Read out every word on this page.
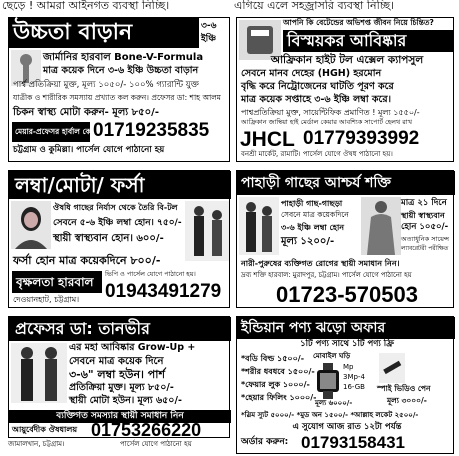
ছেড়ে ! আমরা আইনগত ব্যবস্থা নিচ্ছি।	এগিয়ে এলে সহজ্রাসরি ব্যবস্থা নিচ্ছি।
উচ্চতা বাড়ান	৩-৬ ইঞ্চি
জার্মানির হারবাল Bone-V-Formula
মাত্র কয়েক দিনে ৩-৬ ইঞ্চি উচ্চতা বাড়ান
পার্শ্ব প্রতিক্রিয়া মুক্ত, মূল্য ১০৫০/- ১০০% গ্যারান্টি যুক্ত
যাত্রীক ও শারীরিক সমস্যায় প্রখ্যাত কল করুন। প্রফেসর ডা: শাহ আলম
চিকন স্বাস্থ্য মোটা করুন- মূল্য ৮৫০/-
মেয়ার-প্রফেসর হার্বাল কেয়ার
01719235835
চট্টগ্রাম ও কুমিল্লা। পার্সেল যোগে পাঠানো হয়
আপনি কি বেটেন্ডের অভিশপ্ত জীবন নিয়ে চিন্তিত?
বিস্ময়কর আবিষ্কার
আফ্রিকান হাইট টল এক্সেল ক্যাপসুল
সেবনে মানব দেহের (HGH) হরমোন
বৃদ্ধি করে নিট্রোজেনের ঘাটতি পূরণ করে
মাত্র কয়েক সপ্তাহে ৩-৬ ইঞ্চি লম্বা করে।
পাশ্বপ্রতিক্রিয়া মুক্ত, সায়েন্টিফিক প্রমাণিত ! মূল্য ১৫৫০/-
আফ্রিকান জাম্বিয়া হাই মের্ডাল কেয়ার আবশ্যিক সাপোর্ট হেলথ রাখ
JHCL 01779393992
বনশ্রী মার্কেট, রামাটি। পার্সেল যোগে ঔষধ পাঠানো হয়।
লম্বা/মোটা/ ফর্সা
ঔষধি গাছের নির্যাস থেকে তৈরি বি-টল
সেবনে ৫-৬ ইঞ্চি লম্বা হোন। ৭৫০/-
স্থায়ী স্বাস্থ্যবান হোন। ৬০০/-
ফর্সা হোন মাত্র কয়েকদিনে ৮০০/-
বৃক্ষলতা হারবাল
ভিপি ও পার্সেল যোগে পাঠানো হয়।
01943491279
দেওয়ানহাট, চট্টগ্রাম।
পাহাড়ী গাছের আশ্চর্য শক্তি
পাহাড়ী গাছ-গাছড়া
সেবনে মাত্র কয়েকদিনে
৩-৬ ইঞ্চি লম্বা হোন
মূল্য ১২০০/-
মাত্র ২১ দিনে
স্থায়ী স্বাস্থ্যবান
হোন ১০৫০/-
অত্যাধুনিক সায়েন্স
ল্যাবরেটরী পরীক্ষিত
নারী-পুরুষের ব্যক্তিগত রোগের স্থায়ী সমাধান নিন।
দ্রব্য শক্তি হারবাল: মুরাদপুর, চট্টগ্রাম। পার্সেল যোগে পাঠানো হয়
01723-570503
প্রফেসর ডা: তানভীর
এর মহা আবিষ্কার Grow-Up +
সেবনে মাত্র কয়েক দিনে
৩-৬" লম্বা হউন। পার্শ
প্রতিক্রিয়া মুক্ত। মূল্য ৮৫০/-
স্থায়ী মোটা হউন। মূল্য ৬৫০/-
ব্যক্তিগত সমস্যার স্থায়ী সমাধান নিন
আয়ুর্বেদীক ঔষধালয় 01753266220
জামালখান, চট্টগ্রাম।	পার্সেল যোগে পাঠানো হয়
ইন্ডিয়ান পণ্য ঝড়ো অফার
১টি পণ্য সাথে ১টি পণ্য ফ্রি
*বডি বিল্ড ১৫০০/-
*শরীর ধবধবে ১৫০০/-
*ফেয়ার লুক ১০০০/-
*হেয়ার ফিলিং ১০০০/-
মোবাইল ঘড়ি
Mp
3Mp-4
16-GB
মূল্য ৬০০০/-
স্পাই ভিডিও পেন
মূল্য ৩০০০/-
*স্লিম স্যুট ৫০০০/- *মুড অন ১৫০০/- *আল্লাহ লকেট ২৫০০/-
এ সুযোগ আজ রাত ১২টা পর্যন্ত
অর্ডার করুন: 01793158431
